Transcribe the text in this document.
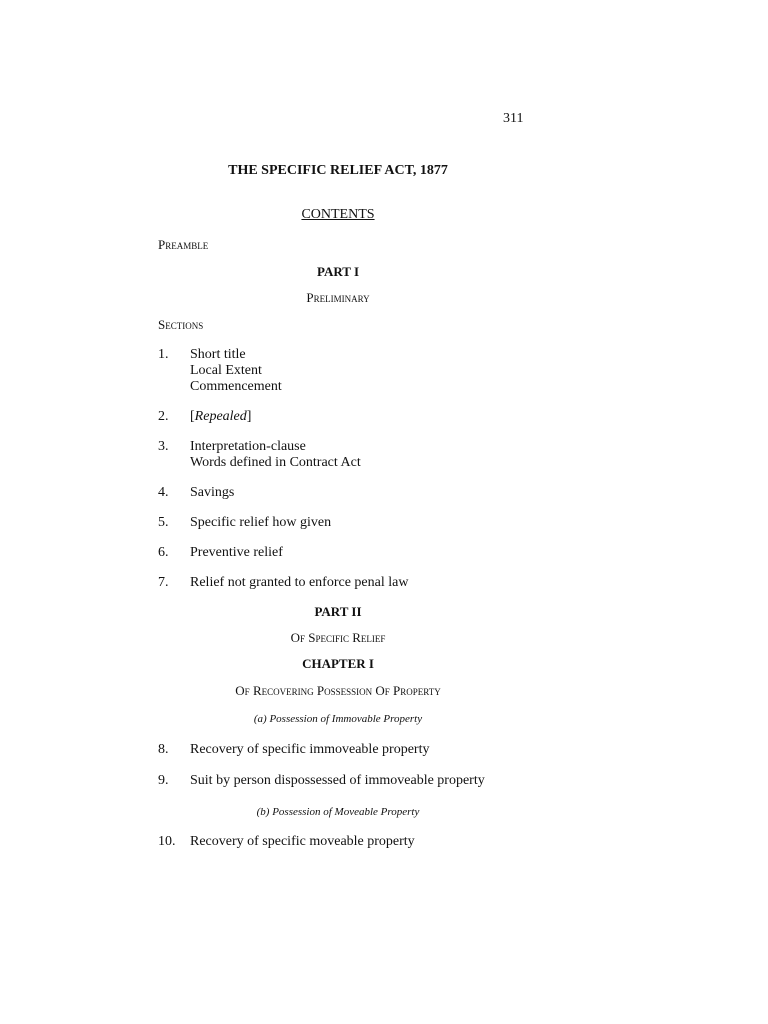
311
THE SPECIFIC RELIEF ACT, 1877
CONTENTS
Preamble
PART I
Preliminary
Sections
1. Short title
Local Extent
Commencement
2. [Repealed]
3. Interpretation-clause
Words defined in Contract Act
4. Savings
5. Specific relief how given
6. Preventive relief
7. Relief not granted to enforce penal law
PART II
Of Specific Relief
CHAPTER I
Of Recovering Possession Of Property
(a) Possession of Immovable Property
8. Recovery of specific immoveable property
9. Suit by person dispossessed of immoveable property
(b) Possession of Moveable Property
10. Recovery of specific moveable property
